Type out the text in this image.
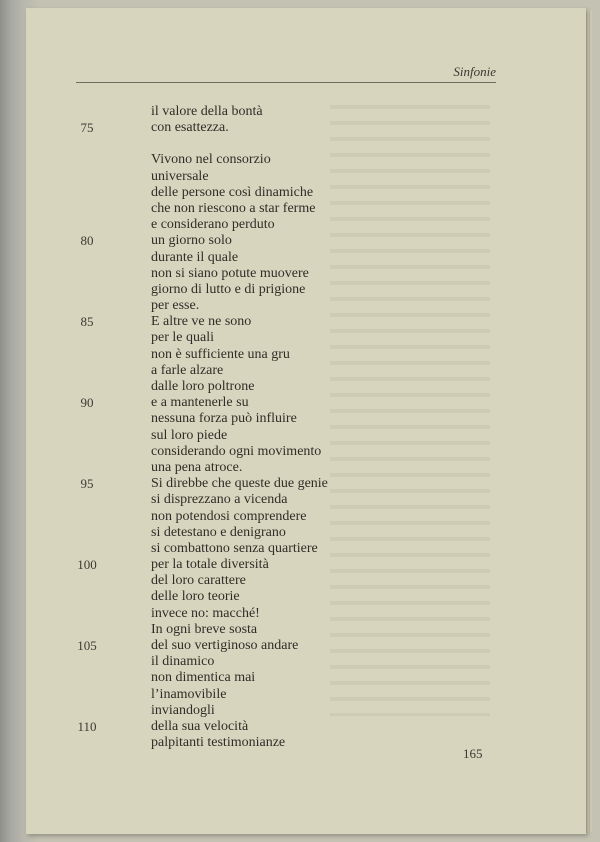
Sinfonie
75
80
85
90
95
100
105
110
il valore della bontà
con esattezza.
Vivono nel consorzio
universale
delle persone così dinamiche
che non riescono a star ferme
e considerano perduto
un giorno solo
durante il quale
non si siano potute muovere
giorno di lutto e di prigione
per esse.
E altre ve ne sono
per le quali
non è sufficiente una gru
a farle alzare
dalle loro poltrone
e a mantenerle su
nessuna forza può influire
sul loro piede
considerando ogni movimento
una pena atroce.
Si direbbe che queste due genie
si disprezzano a vicenda
non potendosi comprendere
si detestano e denigrano
si combattono senza quartiere
per la totale diversità
del loro carattere
delle loro teorie
invece no: macché!
In ogni breve sosta
del suo vertiginoso andare
il dinamico
non dimentica mai
l’inamovibile
inviandogli
della sua velocità
palpitanti testimonianze
165
